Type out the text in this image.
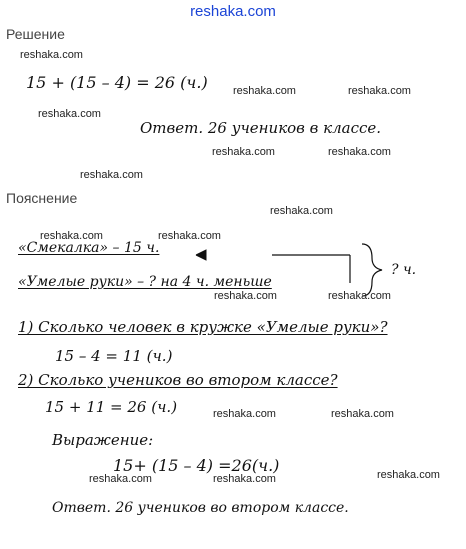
reshaka.com
Решение
15 + (15 – 4) = 26 (ч.)
Ответ. 26 учеников в классе.
Пояснение
«Смекалка» – 15 ч.
«Умелые руки» – ? на 4 ч. меньше
? ч.
1) Сколько человек в кружке «Умелые руки»?
15 – 4 = 11 (ч.)
2) Сколько учеников во втором классе?
15 + 11 = 26 (ч.)
Выражение:
15+ (15 – 4) =26(ч.)
Ответ. 26 учеников во втором классе.
reshaka.com
reshaka.com	reshaka.com
reshaka.com
reshaka.com	reshaka.com
reshaka.com
reshaka.com
reshaka.com	reshaka.com
reshaka.com	reshaka.com
reshaka.com	reshaka.com
reshaka.com	reshaka.com	reshaka.com
